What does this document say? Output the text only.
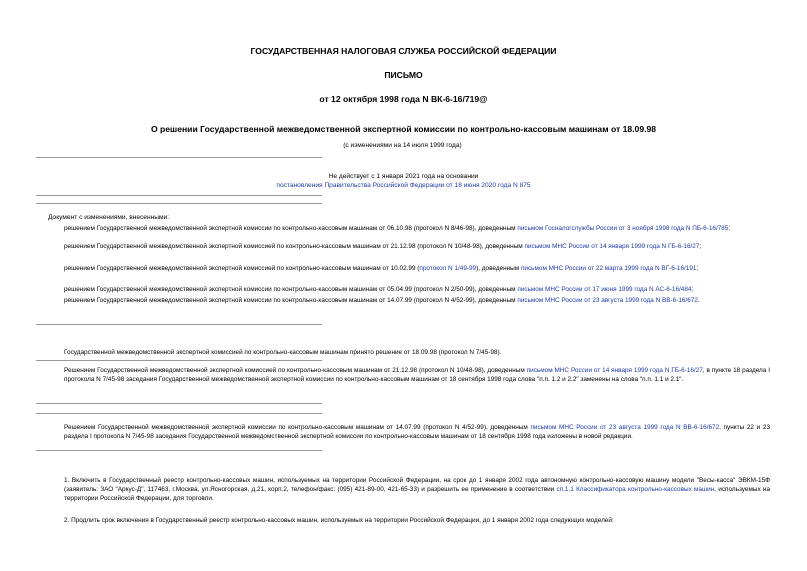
ГОСУДАРСТВЕННАЯ НАЛОГОВАЯ СЛУЖБА РОССИЙСКОЙ ФЕДЕРАЦИИ
ПИСЬМО
от 12 октября 1998 года N ВК-6-16/719@
О решении Государственной межведомственной экспертной комиссии по контрольно-кассовым машинам от 18.09.98
(с изменениями на 14 июля 1999 года)
Не действует с 1 января 2021 года на основании
постановления Правительства Российской Федерации от 18 июня 2020 года N 875
Документ с изменениями, внесенными:
решением Государственной межведомственной экспертной комиссии по контрольно-кассовым машинам от 06.10.98 (протокол N 8/46-98), доведенным письмом Госналогслужбы России от 3 ноября 1998 года N ПБ-6-16/785;
решением Государственной межведомственной экспертной комиссией по контрольно-кассовым машинам от 21.12.98 (протокол N 10/48-98), доведенным письмом МНС России от 14 января 1999 года N ГБ-6-16/27;
решением Государственной межведомственной экспертной комиссией по контрольно-кассовым машинам от 10.02.99 (протокол N 1/49-99), доведенным письмом МНС России от 22 марта 1999 года N ВГ-6-16/191;
решением Государственной межведомственной экспертной комиссии по контрольно-кассовым машинам от 05.04.99 (протокол N 2/50-99), доведенным письмом МНС России от 17 июня 1999 года N АС-6-16/484;
решением Государственной межведомственной экспертной комиссии по контрольно-кассовым машинам от 14.07.99 (протокол N 4/52-99), доведенным письмом МНС России от 23 августа 1999 года N ВВ-6-16/672.
Государственной межведомственной экспертной комиссией по контрольно-кассовым машинам принято решение от 18.09.98 (протокол N 7/45-98).
Решением Государственной межведомственной экспертной комиссией по контрольно-кассовым машинам от 21.12.98 (протокол N 10/48-98), доведенным письмом МНС России от 14 января 1999 года N ГБ-6-16/27, в пункте 18 раздела I протокола N 7/45-98 заседания Государственной межведомственной экспертной комиссии по контрольно-кассовым машинам от 18 сентября 1998 года слова "п.п. 1.2 и 2.2" заменены на слова "п.п. 1.1 и 2.1".
Решением Государственной межведомственной экспертной комиссии по контрольно-кассовым машинам от 14.07.99 (протокол N 4/52-99), доведенным письмом МНС России от 23 августа 1999 года N ВВ-6-16/672, пункты 22 и 23 раздела I протокола N 7/45-98 заседания Государственной межведомственной экспертной комиссии по контрольно-кассовым машинам от 18 сентября 1998 года изложены в новой редакции.
1. Включить в Государственный реестр контрольно-кассовых машин, используемых на территории Российской Федерации, на срок до 1 января 2002 года автономную контрольно-кассовую машину модели "Весы-касса" ЭВКМ-15Ф (заявитель: ЗАО "Аркус-Д", 117463, г.Москва, ул.Ясногорская, д.21, корп.2, телефон/факс: (095) 421-89-00, 421-65-33) и разрешить ее применение в соответствии сп.1.1 Классификатора контрольно-кассовых машин, используемых на территории Российской Федерации, для торговли.
2. Продлить срок включения в Государственный реестр контрольно-кассовых машин, используемых на территории Российской Федерации, до 1 января 2002 года следующих моделей:
